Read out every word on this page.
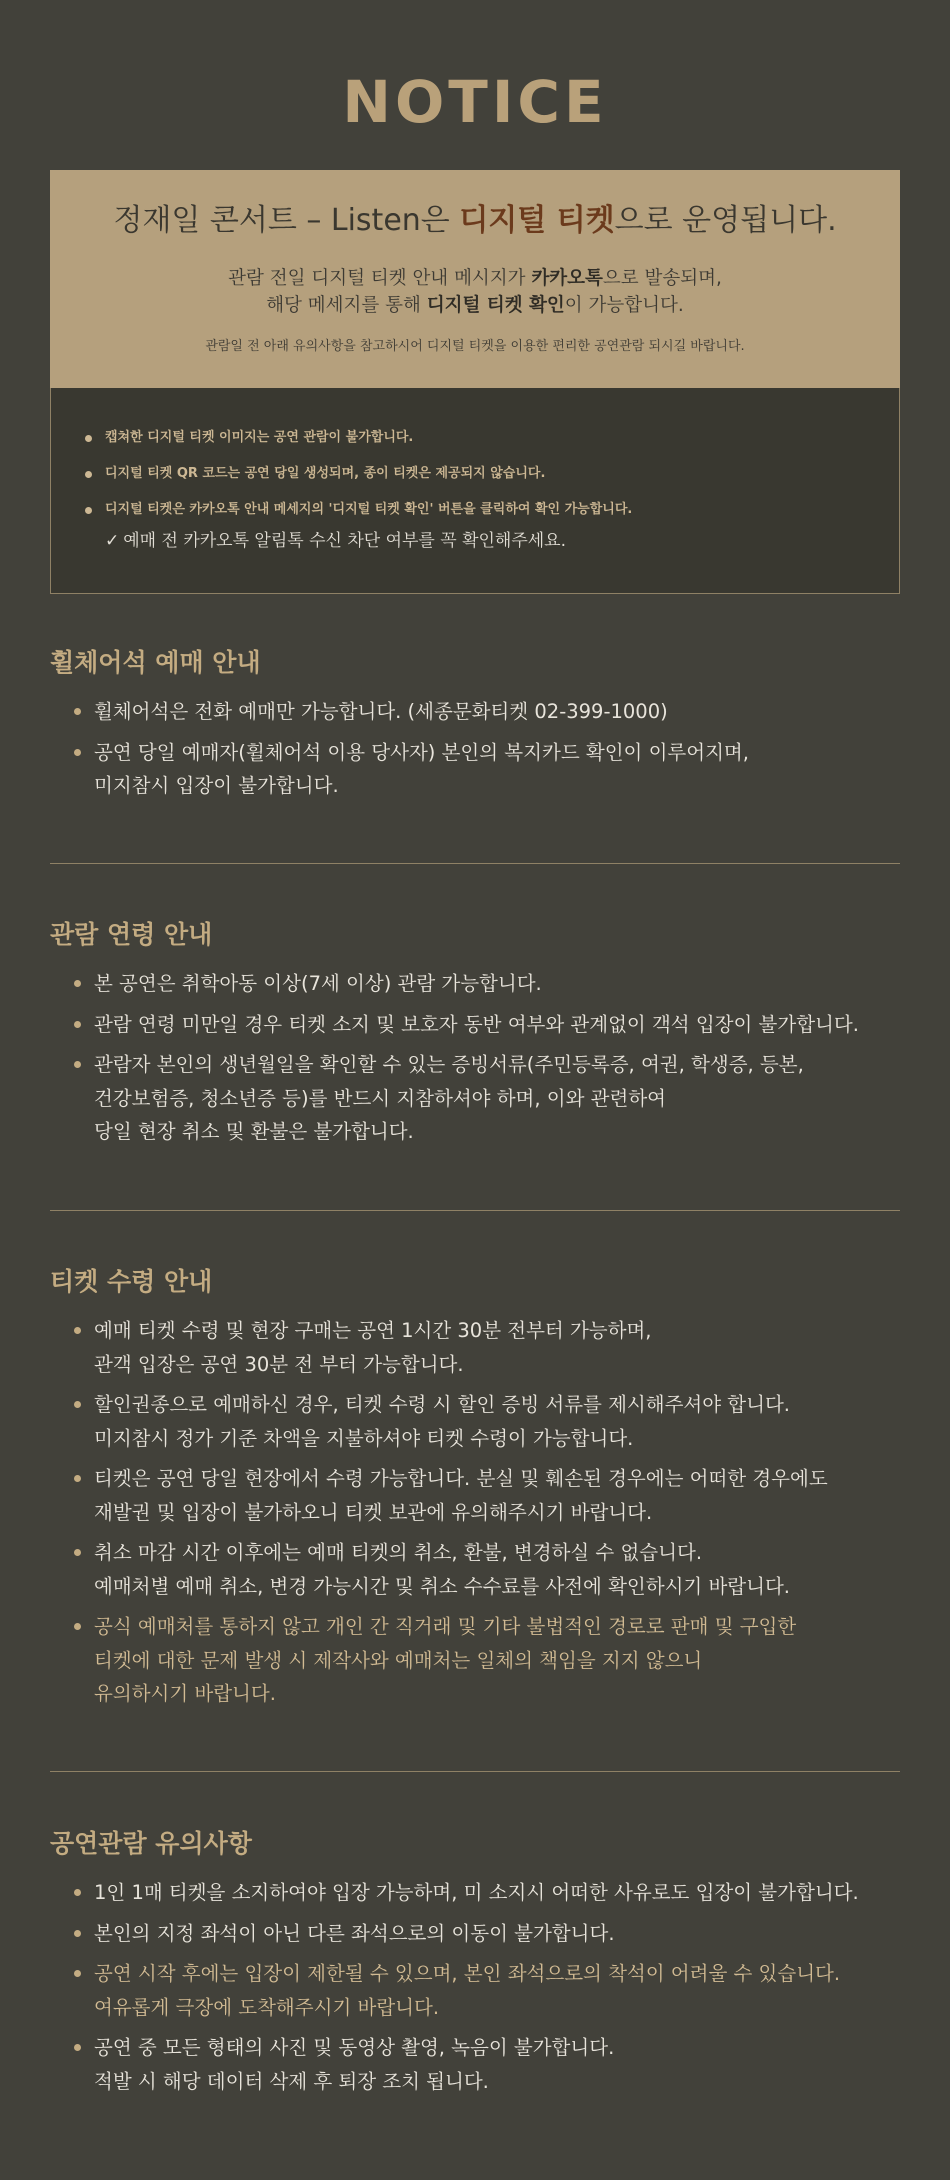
NOTICE
정재일 콘서트 – Listen은 디지털 티켓으로 운영됩니다.
관람 전일 디지털 티켓 안내 메시지가 카카오톡으로 발송되며,
해당 메세지를 통해 디지털 티켓 확인이 가능합니다.
관람일 전 아래 유의사항을 참고하시어 디지털 티켓을 이용한 편리한 공연관람 되시길 바랍니다.
캡쳐한 디지털 티켓 이미지는 공연 관람이 불가합니다.
디지털 티켓 QR 코드는 공연 당일 생성되며, 종이 티켓은 제공되지 않습니다.
디지털 티켓은 카카오톡 안내 메세지의 '디지털 티켓 확인' 버튼을 클릭하여 확인 가능합니다.
✓ 예매 전 카카오톡 알림톡 수신 차단 여부를 꼭 확인해주세요.
휠체어석 예매 안내
휠체어석은 전화 예매만 가능합니다. (세종문화티켓 02-399-1000)
공연 당일 예매자(휠체어석 이용 당사자) 본인의 복지카드 확인이 이루어지며,
미지참시 입장이 불가합니다.
관람 연령 안내
본 공연은 취학아동 이상(7세 이상) 관람 가능합니다.
관람 연령 미만일 경우 티켓 소지 및 보호자 동반 여부와 관계없이 객석 입장이 불가합니다.
관람자 본인의 생년월일을 확인할 수 있는 증빙서류(주민등록증, 여권, 학생증, 등본,
건강보험증, 청소년증 등)를 반드시 지참하셔야 하며, 이와 관련하여
당일 현장 취소 및 환불은 불가합니다.
티켓 수령 안내
예매 티켓 수령 및 현장 구매는 공연 1시간 30분 전부터 가능하며,
관객 입장은 공연 30분 전 부터 가능합니다.
할인권종으로 예매하신 경우, 티켓 수령 시 할인 증빙 서류를 제시해주셔야 합니다.
미지참시 정가 기준 차액을 지불하셔야 티켓 수령이 가능합니다.
티켓은 공연 당일 현장에서 수령 가능합니다. 분실 및 훼손된 경우에는 어떠한 경우에도
재발권 및 입장이 불가하오니 티켓 보관에 유의해주시기 바랍니다.
취소 마감 시간 이후에는 예매 티켓의 취소, 환불, 변경하실 수 없습니다.
예매처별 예매 취소, 변경 가능시간 및 취소 수수료를 사전에 확인하시기 바랍니다.
공식 예매처를 통하지 않고 개인 간 직거래 및 기타 불법적인 경로로 판매 및 구입한
티켓에 대한 문제 발생 시 제작사와 예매처는 일체의 책임을 지지 않으니
유의하시기 바랍니다.
공연관람 유의사항
1인 1매 티켓을 소지하여야 입장 가능하며, 미 소지시 어떠한 사유로도 입장이 불가합니다.
본인의 지정 좌석이 아닌 다른 좌석으로의 이동이 불가합니다.
공연 시작 후에는 입장이 제한될 수 있으며, 본인 좌석으로의 착석이 어려울 수 있습니다.
여유롭게 극장에 도착해주시기 바랍니다.
공연 중 모든 형태의 사진 및 동영상 촬영, 녹음이 불가합니다.
적발 시 해당 데이터 삭제 후 퇴장 조치 됩니다.
